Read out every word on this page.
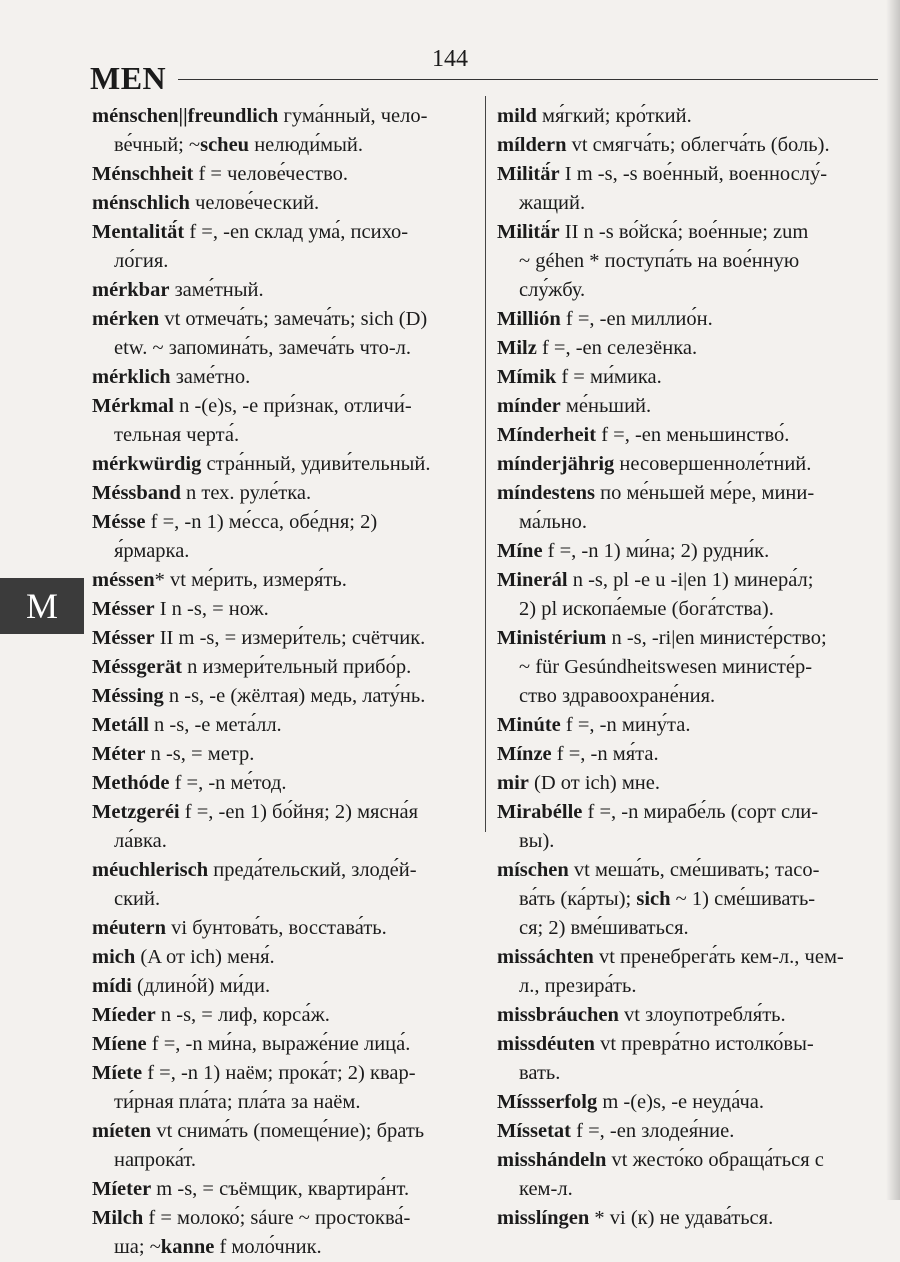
144
MEN
ménschen||freundlich гума́нный, чело-
ве́чный; ~scheu нелюди́мый.
Ménschheit f = челове́чество.
ménschlich челове́ческий.
Mentalitä́t f =, -en склад ума́, психо-
ло́гия.
mérkbar заме́тный.
mérken vt отмеча́ть; замеча́ть; sich (D)
etw. ~ запомина́ть, замеча́ть что-л.
mérklich заме́тно.
Mérkmal n -(e)s, -e при́знак, отличи́-
тельная черта́.
mérkwürdig стра́нный, удиви́тельный.
Méssband n тех. руле́тка.
Mésse f =, -n 1) ме́сса, обе́дня; 2)
я́рмарка.
méssen* vt ме́рить, измеря́ть.
Mésser I n -s, = нож.
Mésser II m -s, = измери́тель; счётчик.
Méssgerät n измери́тельный прибо́р.
Méssing n -s, -e (жёлтая) медь, лату́нь.
Metáll n -s, -e мета́лл.
Méter n -s, = метр.
Methóde f =, -n ме́тод.
Metzgeréi f =, -en 1) бо́йня; 2) мясна́я
ла́вка.
méuchlerisch преда́тельский, злоде́й-
ский.
méutern vi бунтова́ть, восстава́ть.
mich (A от ich) меня́.
mídi (длино́й) ми́ди.
Míeder n -s, = лиф, корса́ж.
Míene f =, -n ми́на, выраже́ние лица́.
Míete f =, -n 1) наём; прока́т; 2) квар-
ти́рная пла́та; пла́та за наём.
míeten vt снима́ть (помеще́ние); брать
напрока́т.
Míeter m -s, = съёмщик, квартира́нт.
Milch f = молоко́; sáure ~ простоква́-
ша; ~kanne f моло́чник.
mild мя́гкий; кро́ткий.
míldern vt смягча́ть; облегча́ть (боль).
Militä́r I m -s, -s вое́нный, военнослу́-
жащий.
Militä́r II n -s во́йска́; вое́нные; zum
~ géhen * поступа́ть на вое́нную
слу́жбу.
Millión f =, -en миллио́н.
Milz f =, -en селезёнка.
Mímik f = ми́мика.
mínder ме́ньший.
Mínderheit f =, -en меньшинство́.
mínderjährig несовершенноле́тний.
míndestens по ме́ньшей ме́ре, мини-
ма́льно.
Míne f =, -n 1) ми́на; 2) рудни́к.
Minerál n -s, pl -e u -i|en 1) минера́л;
2) pl ископа́емые (бога́тства).
Ministérium n -s, -ri|en министе́рство;
~ für Gesúndheitswesen министе́р-
ство здравоохране́ния.
Minúte f =, -n мину́та.
Mínze f =, -n мя́та.
mir (D от ich) мне.
Mirabélle f =, -n мирабе́ль (сорт сли-
вы).
míschen vt меша́ть, сме́шивать; тасо-
ва́ть (ка́рты); sich ~ 1) сме́шивать-
ся; 2) вме́шиваться.
missáchten vt пренебрега́ть кем-л., чем-
л., презира́ть.
missbráuchen vt злоупотребля́ть.
missdéuten vt превра́тно истолко́вы-
вать.
Míssserfolg m -(e)s, -e неуда́ча.
Míssetat f =, -en злодея́ние.
misshándeln vt жесто́ко обраща́ться с
кем-л.
misslíngen * vi (к) не удава́ться.
M
